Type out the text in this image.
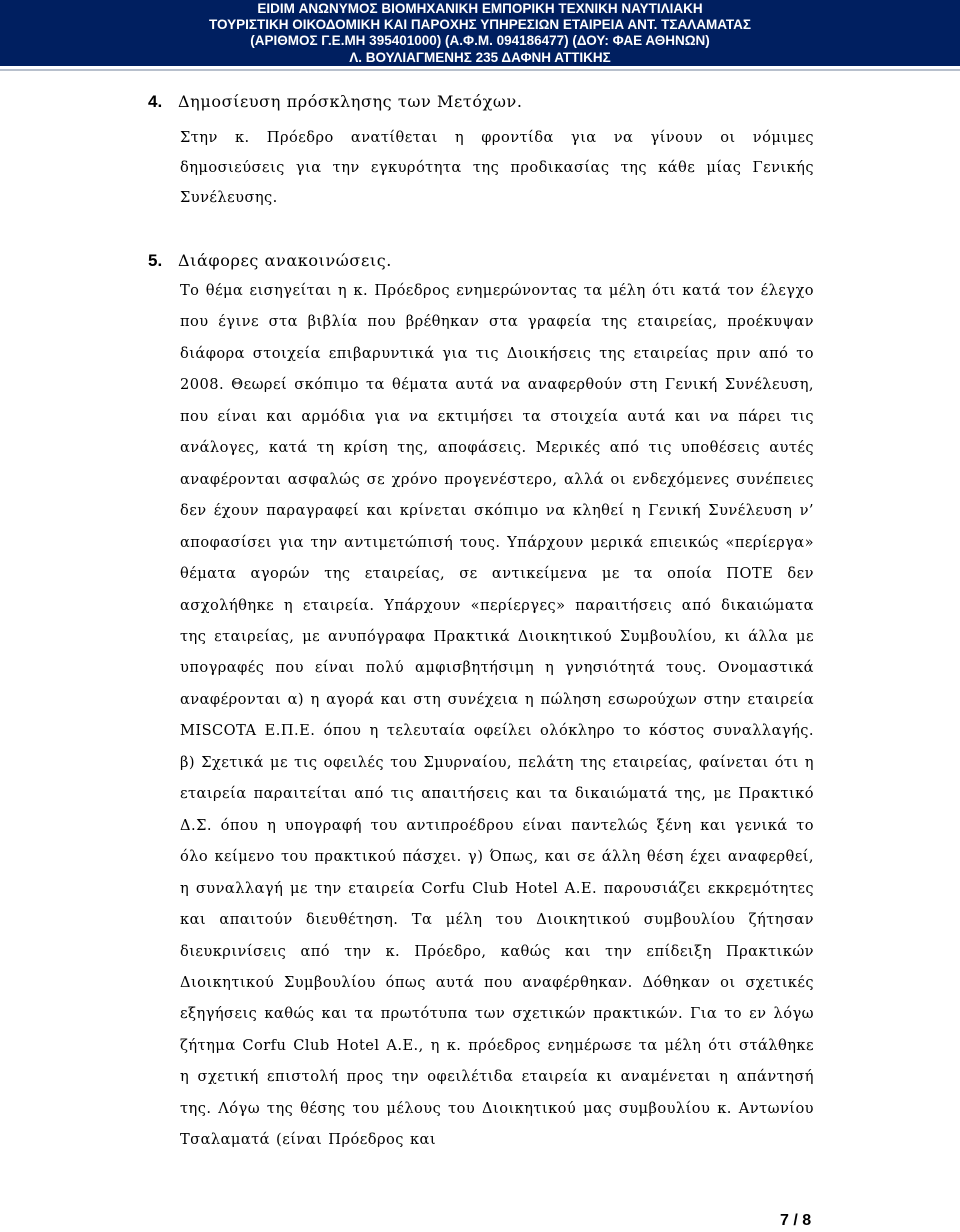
EIDIM ΑΝΩΝΥΜΟΣ ΒΙΟΜΗΧΑΝΙΚΗ ΕΜΠΟΡΙΚΗ ΤΕΧΝΙΚΗ ΝΑΥΤΙΛΙΑΚΗ
ΤΟΥΡΙΣΤΙΚΗ ΟΙΚΟΔΟΜΙΚΗ ΚΑΙ ΠΑΡΟΧΗΣ ΥΠΗΡΕΣΙΩΝ ΕΤΑΙΡΕΙΑ ΑΝΤ. ΤΣΑΛΑΜΑΤΑΣ
(ΑΡΙΘΜΟΣ Γ.Ε.ΜΗ 395401000) (Α.Φ.Μ. 094186477) (ΔΟΥ: ΦΑΕ ΑΘΗΝΩΝ)
Λ. ΒΟΥΛΙΑΓΜΕΝΗΣ 235 ΔΑΦΝΗ ΑΤΤΙΚΗΣ
4. Δημοσίευση πρόσκλησης των Μετόχων.

Στην κ. Πρόεδρο ανατίθεται η φροντίδα για να γίνουν οι νόμιμες δημοσιεύσεις για την εγκυρότητα της προδικασίας της κάθε μίας Γενικής Συνέλευσης.

5. Διάφορες ανακοινώσεις.

Το θέμα εισηγείται η κ. Πρόεδρος ενημερώνοντας τα μέλη ότι κατά τον έλεγχο που έγινε στα βιβλία που βρέθηκαν στα γραφεία της εταιρείας, προέκυψαν διάφορα στοιχεία επιβαρυντικά για τις Διοικήσεις της εταιρείας πριν από το 2008. Θεωρεί σκόπιμο τα θέματα αυτά να αναφερθούν στη Γενική Συνέλευση, που είναι και αρμόδια για να εκτιμήσει τα στοιχεία αυτά και να πάρει τις ανάλογες, κατά τη κρίση της, αποφάσεις. Μερικές από τις υποθέσεις αυτές αναφέρονται ασφαλώς σε χρόνο προγενέστερο, αλλά οι ενδεχόμενες συνέπειες δεν έχουν παραγραφεί και κρίνεται σκόπιμο να κληθεί η Γενική Συνέλευση ν’ αποφασίσει για την αντιμετώπισή τους. Υπάρχουν μερικά επιεικώς «περίεργα» θέματα αγορών της εταιρείας, σε αντικείμενα με τα οποία ΠΟΤΕ δεν ασχολήθηκε η εταιρεία. Υπάρχουν «περίεργες» παραιτήσεις από δικαιώματα της εταιρείας, με ανυπόγραφα Πρακτικά Διοικητικού Συμβουλίου, κι άλλα με υπογραφές που είναι πολύ αμφισβητήσιμη η γνησιότητά τους. Ονομαστικά αναφέρονται α) η αγορά και στη συνέχεια η πώληση εσωρούχων στην εταιρεία MISCOTA Ε.Π.Ε. όπου η τελευταία οφείλει ολόκληρο το κόστος συναλλαγής. β) Σχετικά με τις οφειλές του Σμυρναίου, πελάτη της εταιρείας, φαίνεται ότι η εταιρεία παραιτείται από τις απαιτήσεις και τα δικαιώματά της, με Πρακτικό Δ.Σ. όπου η υπογραφή του αντιπροέδρου είναι παντελώς ξένη και γενικά το όλο κείμενο του πρακτικού πάσχει. γ) Όπως, και σε άλλη θέση έχει αναφερθεί, η συναλλαγή με την εταιρεία Corfu Club Hotel Α.Ε. παρουσιάζει εκκρεμότητες και απαιτούν διευθέτηση. Τα μέλη του Διοικητικού συμβουλίου ζήτησαν διευκρινίσεις από την κ. Πρόεδρο, καθώς και την επίδειξη Πρακτικών Διοικητικού Συμβουλίου όπως αυτά που αναφέρθηκαν. Δόθηκαν οι σχετικές εξηγήσεις καθώς και τα πρωτότυπα των σχετικών πρακτικών. Για το εν λόγω ζήτημα Corfu Club Hotel Α.Ε., η κ. πρόεδρος ενημέρωσε τα μέλη ότι στάλθηκε η σχετική επιστολή προς την οφειλέτιδα εταιρεία κι αναμένεται η απάντησή της. Λόγω της θέσης του μέλους του Διοικητικού μας συμβουλίου κ. Αντωνίου Τσαλαματά (είναι Πρόεδρος και

7 / 8
